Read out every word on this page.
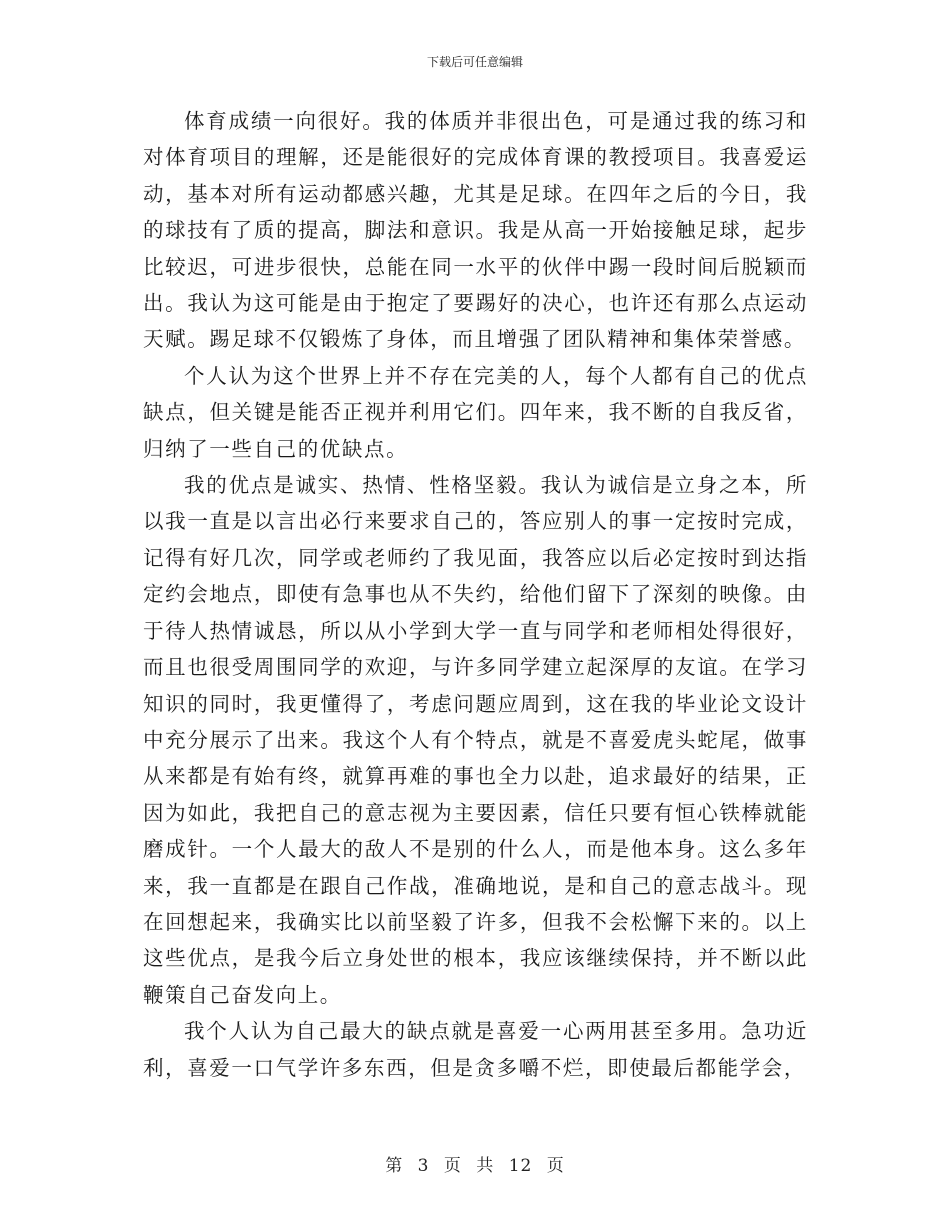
下载后可任意编辑

体育成绩一向很好。我的体质并非很出色，可是通过我的练习和对体育项目的理解，还是能很好的完成体育课的教授项目。我喜爱运动，基本对所有运动都感兴趣，尤其是足球。在四年之后的今日，我的球技有了质的提高，脚法和意识。我是从高一开始接触足球，起步比较迟，可进步很快，总能在同一水平的伙伴中踢一段时间后脱颖而出。我认为这可能是由于抱定了要踢好的决心，也许还有那么点运动天赋。踢足球不仅锻炼了身体，而且增强了团队精神和集体荣誉感。

个人认为这个世界上并不存在完美的人，每个人都有自己的优点缺点，但关键是能否正视并利用它们。四年来，我不断的自我反省，归纳了一些自己的优缺点。

我的优点是诚实、热情、性格坚毅。我认为诚信是立身之本，所以我一直是以言出必行来要求自己的，答应别人的事一定按时完成，记得有好几次，同学或老师约了我见面，我答应以后必定按时到达指定约会地点，即使有急事也从不失约，给他们留下了深刻的映像。由于待人热情诚恳，所以从小学到大学一直与同学和老师相处得很好，而且也很受周围同学的欢迎，与许多同学建立起深厚的友谊。在学习知识的同时，我更懂得了，考虑问题应周到，这在我的毕业论文设计中充分展示了出来。我这个人有个特点，就是不喜爱虎头蛇尾，做事从来都是有始有终，就算再难的事也全力以赴，追求最好的结果，正因为如此，我把自己的意志视为主要因素，信任只要有恒心铁棒就能磨成针。一个人最大的敌人不是别的什么人，而是他本身。这么多年来，我一直都是在跟自己作战，准确地说，是和自己的意志战斗。现在回想起来，我确实比以前坚毅了许多，但我不会松懈下来的。以上这些优点，是我今后立身处世的根本，我应该继续保持，并不断以此鞭策自己奋发向上。

我个人认为自己最大的缺点就是喜爱一心两用甚至多用。急功近利，喜爱一口气学许多东西，但是贪多嚼不烂，即使最后都能学会，

第 3 页 共 12 页
